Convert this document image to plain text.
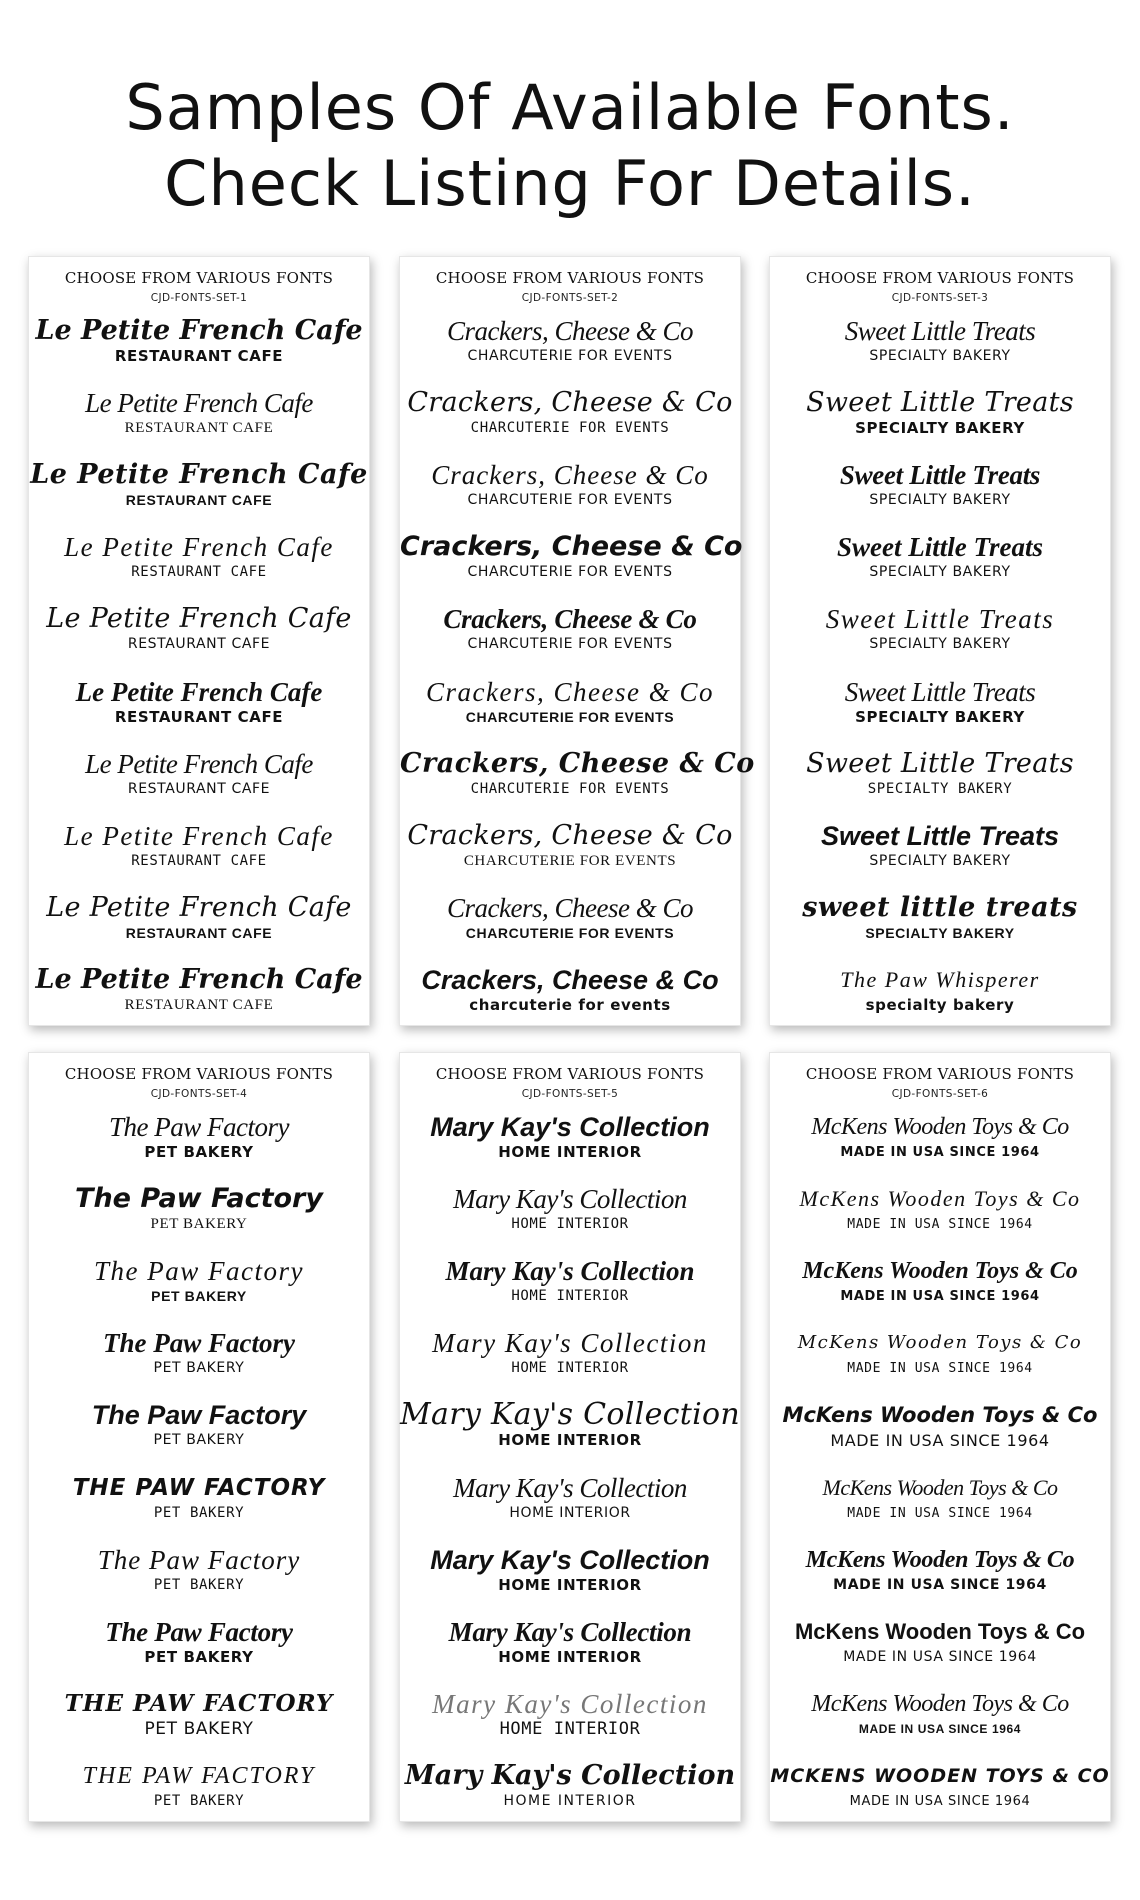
Samples Of Available Fonts.
Check Listing For Details.
CHOOSE FROM VARIOUS FONTS
CJD-FONTS-SET-1
Le Petite French Cafe
RESTAURANT CAFE
Le Petite French Cafe
RESTAURANT CAFE
Le Petite French Cafe
RESTAURANT CAFE
Le Petite French Cafe
RESTAURANT CAFE
Le Petite French Cafe
RESTAURANT CAFE
Le Petite French Cafe
RESTAURANT CAFE
Le Petite French Cafe
RESTAURANT CAFE
Le Petite French Cafe
RESTAURANT CAFE
Le Petite French Cafe
RESTAURANT CAFE
Le Petite French Cafe
RESTAURANT CAFE
CHOOSE FROM VARIOUS FONTS
CJD-FONTS-SET-2
Crackers, Cheese & Co
CHARCUTERIE FOR EVENTS
Crackers, Cheese & Co
CHARCUTERIE FOR EVENTS
Crackers, Cheese & Co
CHARCUTERIE FOR EVENTS
Crackers, Cheese & Co
CHARCUTERIE FOR EVENTS
Crackers, Cheese & Co
CHARCUTERIE FOR EVENTS
Crackers, Cheese & Co
CHARCUTERIE FOR EVENTS
Crackers, Cheese & Co
CHARCUTERIE FOR EVENTS
Crackers, Cheese & Co
CHARCUTERIE FOR EVENTS
Crackers, Cheese & Co
CHARCUTERIE FOR EVENTS
Crackers, Cheese & Co
charcuterie for events
CHOOSE FROM VARIOUS FONTS
CJD-FONTS-SET-3
Sweet Little Treats
SPECIALTY BAKERY
Sweet Little Treats
SPECIALTY BAKERY
Sweet Little Treats
SPECIALTY BAKERY
Sweet Little Treats
SPECIALTY BAKERY
Sweet Little Treats
SPECIALTY BAKERY
Sweet Little Treats
SPECIALTY BAKERY
Sweet Little Treats
SPECIALTY BAKERY
Sweet Little Treats
SPECIALTY BAKERY
sweet little treats
SPECIALTY BAKERY
The Paw Whisperer
specialty bakery
CHOOSE FROM VARIOUS FONTS
CJD-FONTS-SET-4
The Paw Factory
PET BAKERY
The Paw Factory
PET BAKERY
The Paw Factory
PET BAKERY
The Paw Factory
PET BAKERY
The Paw Factory
PET BAKERY
THE PAW FACTORY
PET BAKERY
The Paw Factory
PET BAKERY
The Paw Factory
PET BAKERY
THE PAW FACTORY
PET BAKERY
THE PAW FACTORY
PET BAKERY
CHOOSE FROM VARIOUS FONTS
CJD-FONTS-SET-5
Mary Kay's Collection
HOME INTERIOR
Mary Kay's Collection
HOME INTERIOR
Mary Kay's Collection
HOME INTERIOR
Mary Kay's Collection
HOME INTERIOR
Mary Kay's Collection
HOME INTERIOR
Mary Kay's Collection
HOME INTERIOR
Mary Kay's Collection
HOME INTERIOR
Mary Kay's Collection
HOME INTERIOR
Mary Kay's Collection
HOME INTERIOR
Mary Kay's Collection
HOME INTERIOR
CHOOSE FROM VARIOUS FONTS
CJD-FONTS-SET-6
McKens Wooden Toys & Co
MADE IN USA SINCE 1964
McKens Wooden Toys & Co
MADE IN USA SINCE 1964
McKens Wooden Toys & Co
MADE IN USA SINCE 1964
McKens Wooden Toys & Co
MADE IN USA SINCE 1964
McKens Wooden Toys & Co
MADE IN USA SINCE 1964
McKens Wooden Toys & Co
MADE IN USA SINCE 1964
McKens Wooden Toys & Co
MADE IN USA SINCE 1964
McKens Wooden Toys & Co
MADE IN USA SINCE 1964
McKens Wooden Toys & Co
MADE IN USA SINCE 1964
MCKENS WOODEN TOYS & CO
MADE IN USA SINCE 1964
